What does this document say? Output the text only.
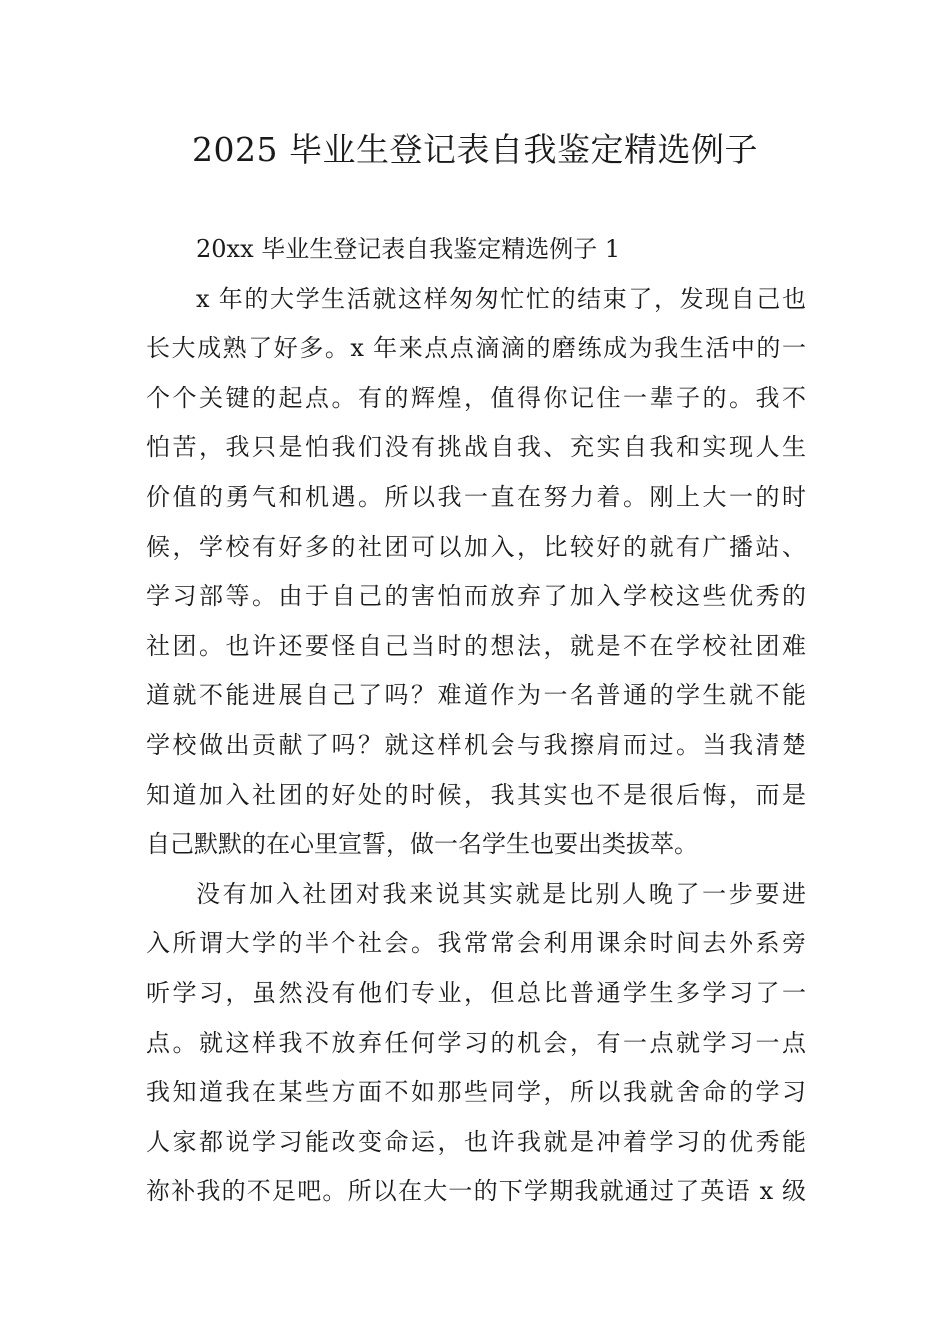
2025 毕业生登记表自我鉴定精选例子
20xx 毕业生登记表自我鉴定精选例子 1
x 年的大学生活就这样匆匆忙忙的结束了，发现自己也
长大成熟了好多。x 年来点点滴滴的磨练成为我生活中的一
个个关键的起点。有的辉煌，值得你记住一辈子的。我不
怕苦，我只是怕我们没有挑战自我、充实自我和实现人生
价值的勇气和机遇。所以我一直在努力着。刚上大一的时
候，学校有好多的社团可以加入，比较好的就有广播站、
学习部等。由于自己的害怕而放弃了加入学校这些优秀的
社团。也许还要怪自己当时的想法，就是不在学校社团难
道就不能进展自己了吗？难道作为一名普通的学生就不能
学校做出贡献了吗？就这样机会与我擦肩而过。当我清楚
知道加入社团的好处的时候，我其实也不是很后悔，而是
自己默默的在心里宣誓，做一名学生也要出类拔萃。
没有加入社团对我来说其实就是比别人晚了一步要进
入所谓大学的半个社会。我常常会利用课余时间去外系旁
听学习，虽然没有他们专业，但总比普通学生多学习了一
点。就这样我不放弃任何学习的机会，有一点就学习一点
我知道我在某些方面不如那些同学，所以我就舍命的学习
人家都说学习能改变命运，也许我就是冲着学习的优秀能
祢补我的不足吧。所以在大一的下学期我就通过了英语 x 级
